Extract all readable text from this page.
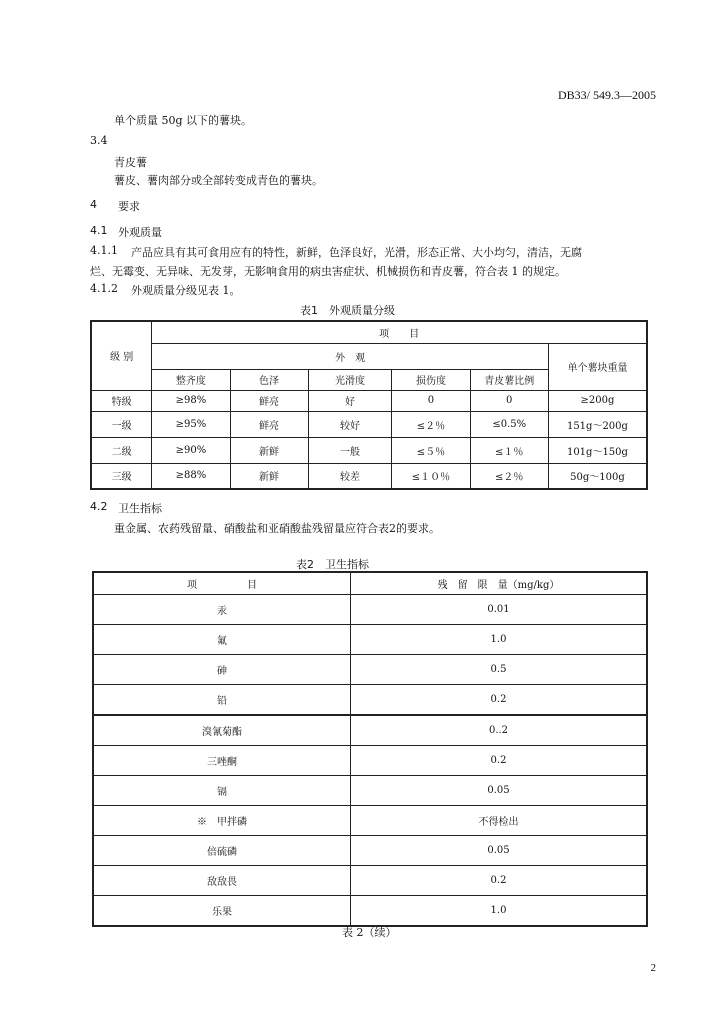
DB33/ 549.3—2005
单个质量 50g 以下的薯块。
3.4
青皮薯
薯皮、薯肉部分或全部转变成青色的薯块。
4 要求
4.1 外观质量
4.1.1 产品应具有其可食用应有的特性，新鲜，色泽良好，光滑，形态正常、大小均匀，清洁，无腐
烂、无霉变、无异味、无发芽，无影响食用的病虫害症状、机械损伤和青皮薯，符合表 1 的规定。
4.1.2 外观质量分级见表 1。
表1　外观质量分级
级 别	项　　目					
	外　观					单个薯块重量
	整齐度	色泽	光滑度	损伤度	青皮薯比例	
特级	≥98%	鲜亮	好	0	0	≥200g
一级	≥95%	鲜亮	较好	≤２％	≤0.5%	151g～200g
二级	≥90%	新鲜	一般	≤５％	≤１％	101g～150g
三级	≥88%	新鲜	较差	≤１０％	≤２％	50g～100g
4.2 卫生指标
重金属、农药残留量、硝酸盐和亚硝酸盐残留量应符合表2的要求。
表2　卫生指标
项　　　　　目	残　留　限　量（mg/kg）
汞	0.01
氟	1.0
砷	0.5
铅	0.2
溴氰菊酯	0..2
三唑酮	0.2
镉	0.05
※　甲拌磷	不得检出
倍硫磷	0.05
敌敌畏	0.2
乐果	1.0
表 2（续）
2
